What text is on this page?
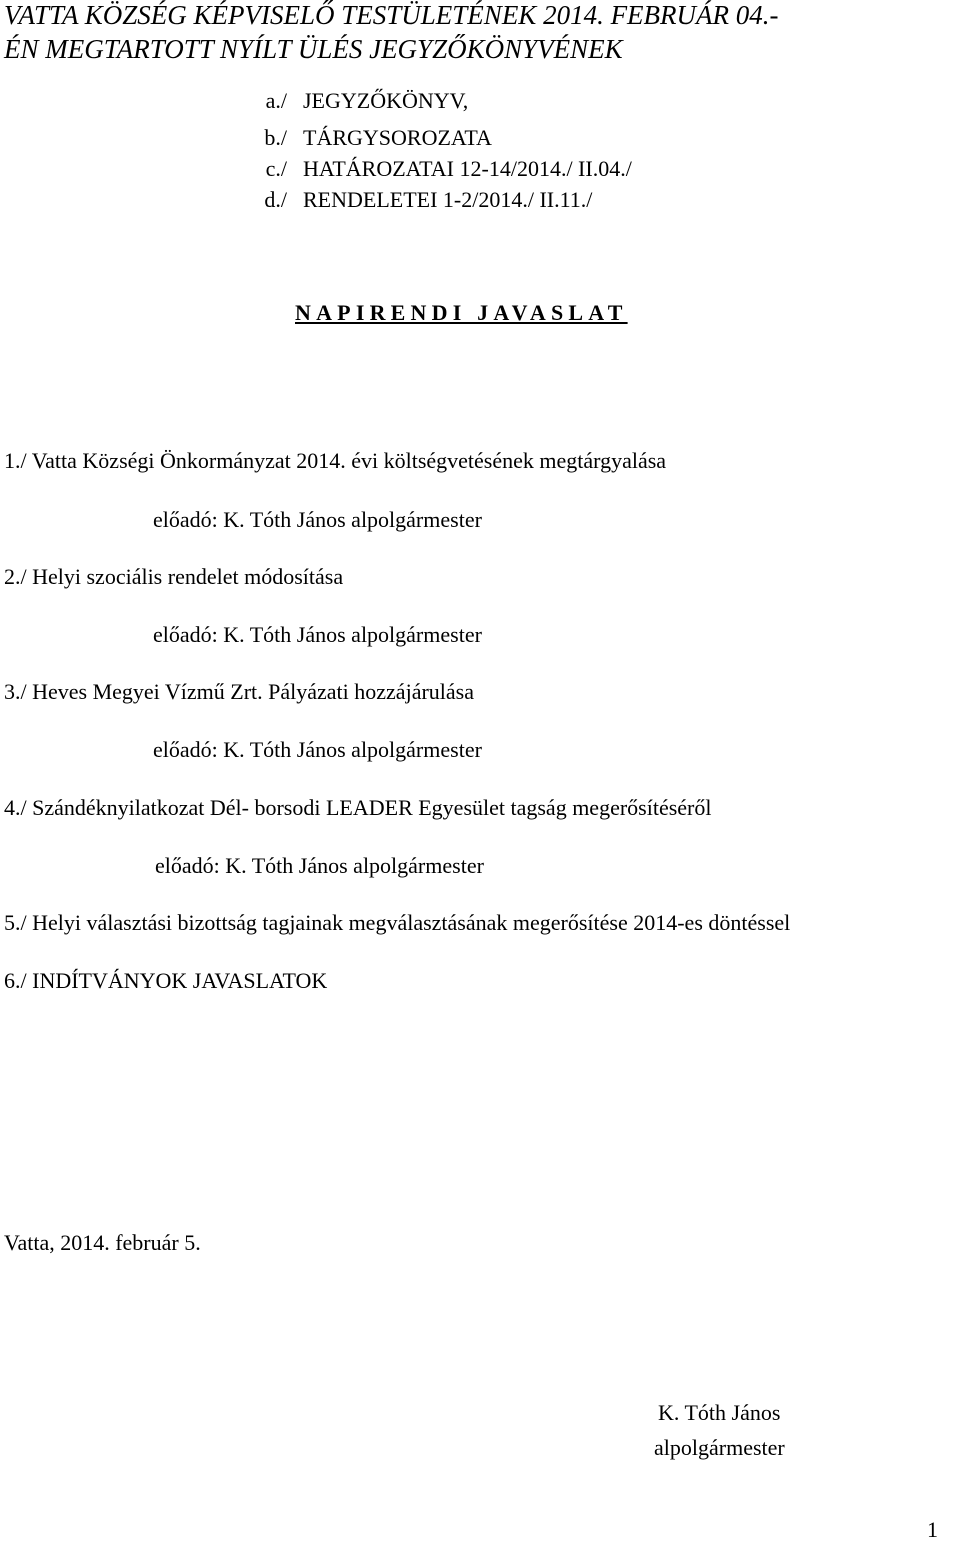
VATTA KÖZSÉG KÉPVISELŐ TESTÜLETÉNEK 2014. FEBRUÁR 04.-
ÉN MEGTARTOTT NYÍLT ÜLÉS JEGYZŐKÖNYVÉNEK
a./ JEGYZŐKÖNYV,
b./ TÁRGYSOROZATA
c./ HATÁROZATAI 12-14/2014./ II.04./
d./ RENDELETEI 1-2/2014./ II.11./
NAPIRENDI JAVASLAT
1./ Vatta Községi Önkormányzat 2014. évi költségvetésének megtárgyalása
előadó: K. Tóth János alpolgármester
2./ Helyi szociális rendelet módosítása
előadó: K. Tóth János alpolgármester
3./ Heves Megyei Vízmű Zrt. Pályázati hozzájárulása
előadó: K. Tóth János alpolgármester
4./ Szándéknyilatkozat Dél- borsodi LEADER Egyesület tagság megerősítéséről
előadó: K. Tóth János alpolgármester
5./ Helyi választási bizottság tagjainak megválasztásának megerősítése 2014-es döntéssel
6./ INDÍTVÁNYOK JAVASLATOK
Vatta, 2014. február 5.
K. Tóth János
alpolgármester
1
